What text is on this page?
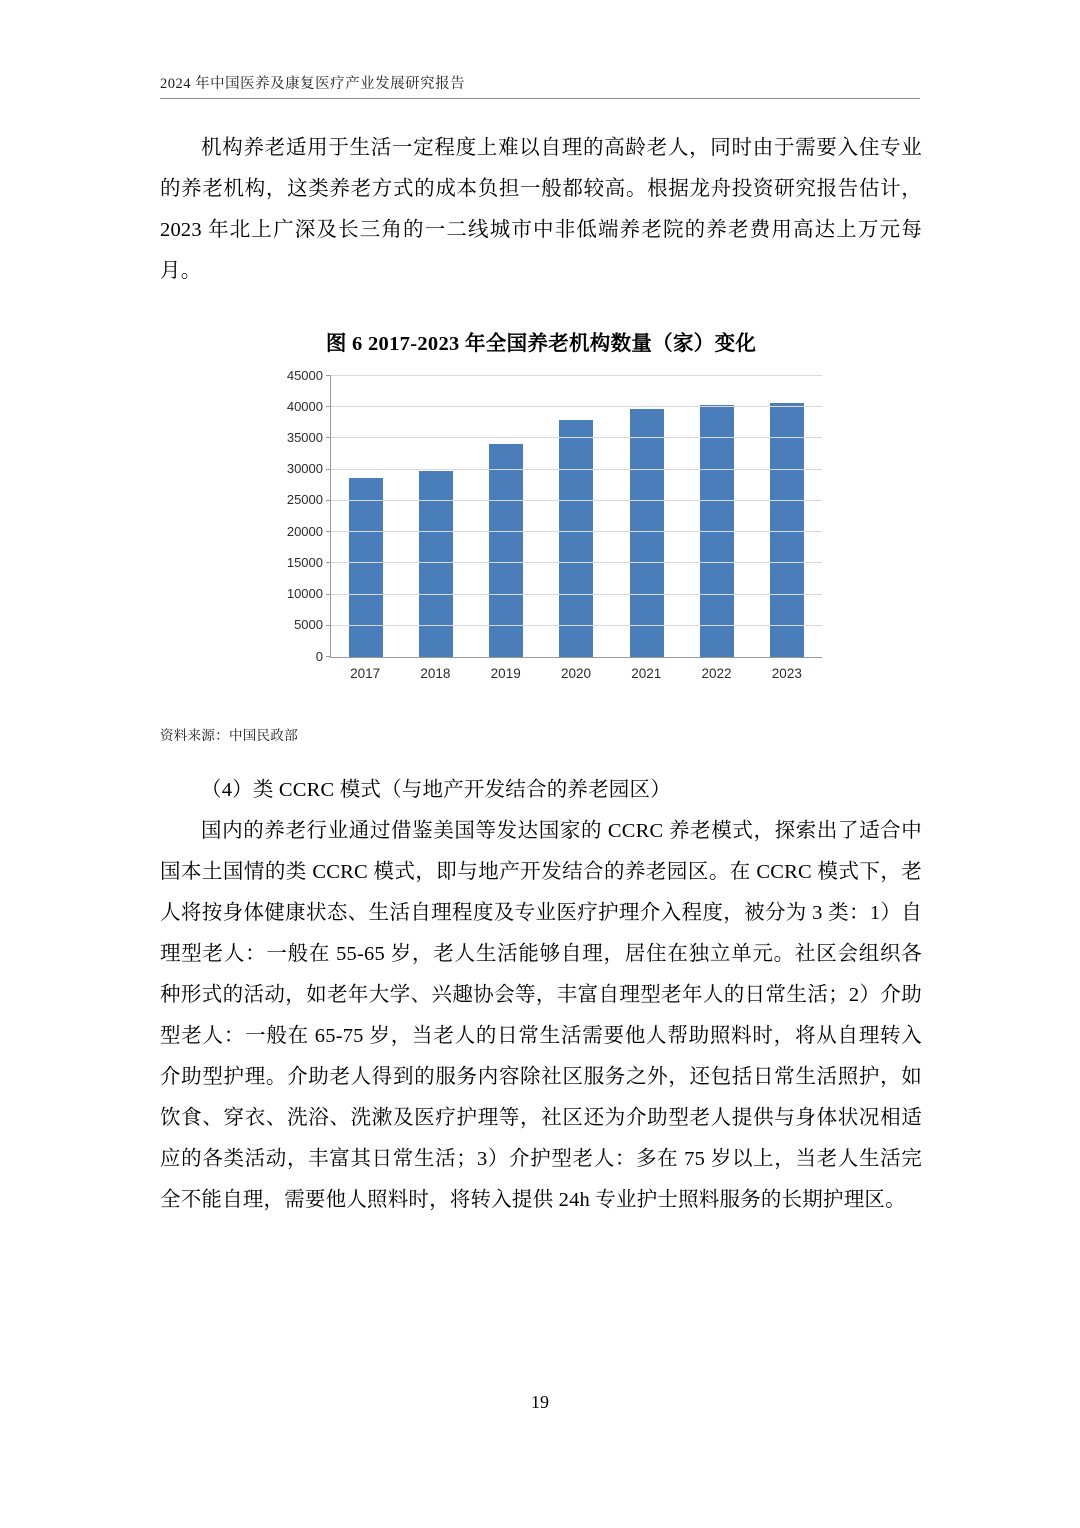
2024 年中国医养及康复医疗产业发展研究报告

机构养老适用于生活一定程度上难以自理的高龄老人，同时由于需要入住专业的养老机构，这类养老方式的成本负担一般都较高。根据龙舟投资研究报告估计，2023 年北上广深及长三角的一二线城市中非低端养老院的养老费用高达上万元每月。

图 6 2017-2023 年全国养老机构数量（家）变化
0
5000
10000
15000
20000
25000
30000
35000
40000
45000
2017	2018	2019	2020	2021	2022	2023
资料来源：中国民政部
（4）类 CCRC 模式（与地产开发结合的养老园区）

国内的养老行业通过借鉴美国等发达国家的 CCRC 养老模式，探索出了适合中国本土国情的类 CCRC 模式，即与地产开发结合的养老园区。在 CCRC 模式下，老人将按身体健康状态、生活自理程度及专业医疗护理介入程度，被分为 3 类：1）自理型老人：一般在 55-65 岁，老人生活能够自理，居住在独立单元。社区会组织各种形式的活动，如老年大学、兴趣协会等，丰富自理型老年人的日常生活；2）介助型老人：一般在 65-75 岁，当老人的日常生活需要他人帮助照料时，将从自理转入介助型护理。介助老人得到的服务内容除社区服务之外，还包括日常生活照护，如饮食、穿衣、洗浴、洗漱及医疗护理等，社区还为介助型老人提供与身体状况相适应的各类活动，丰富其日常生活；3）介护型老人：多在 75 岁以上，当老人生活完全不能自理，需要他人照料时，将转入提供 24h 专业护士照料服务的长期护理区。

19
